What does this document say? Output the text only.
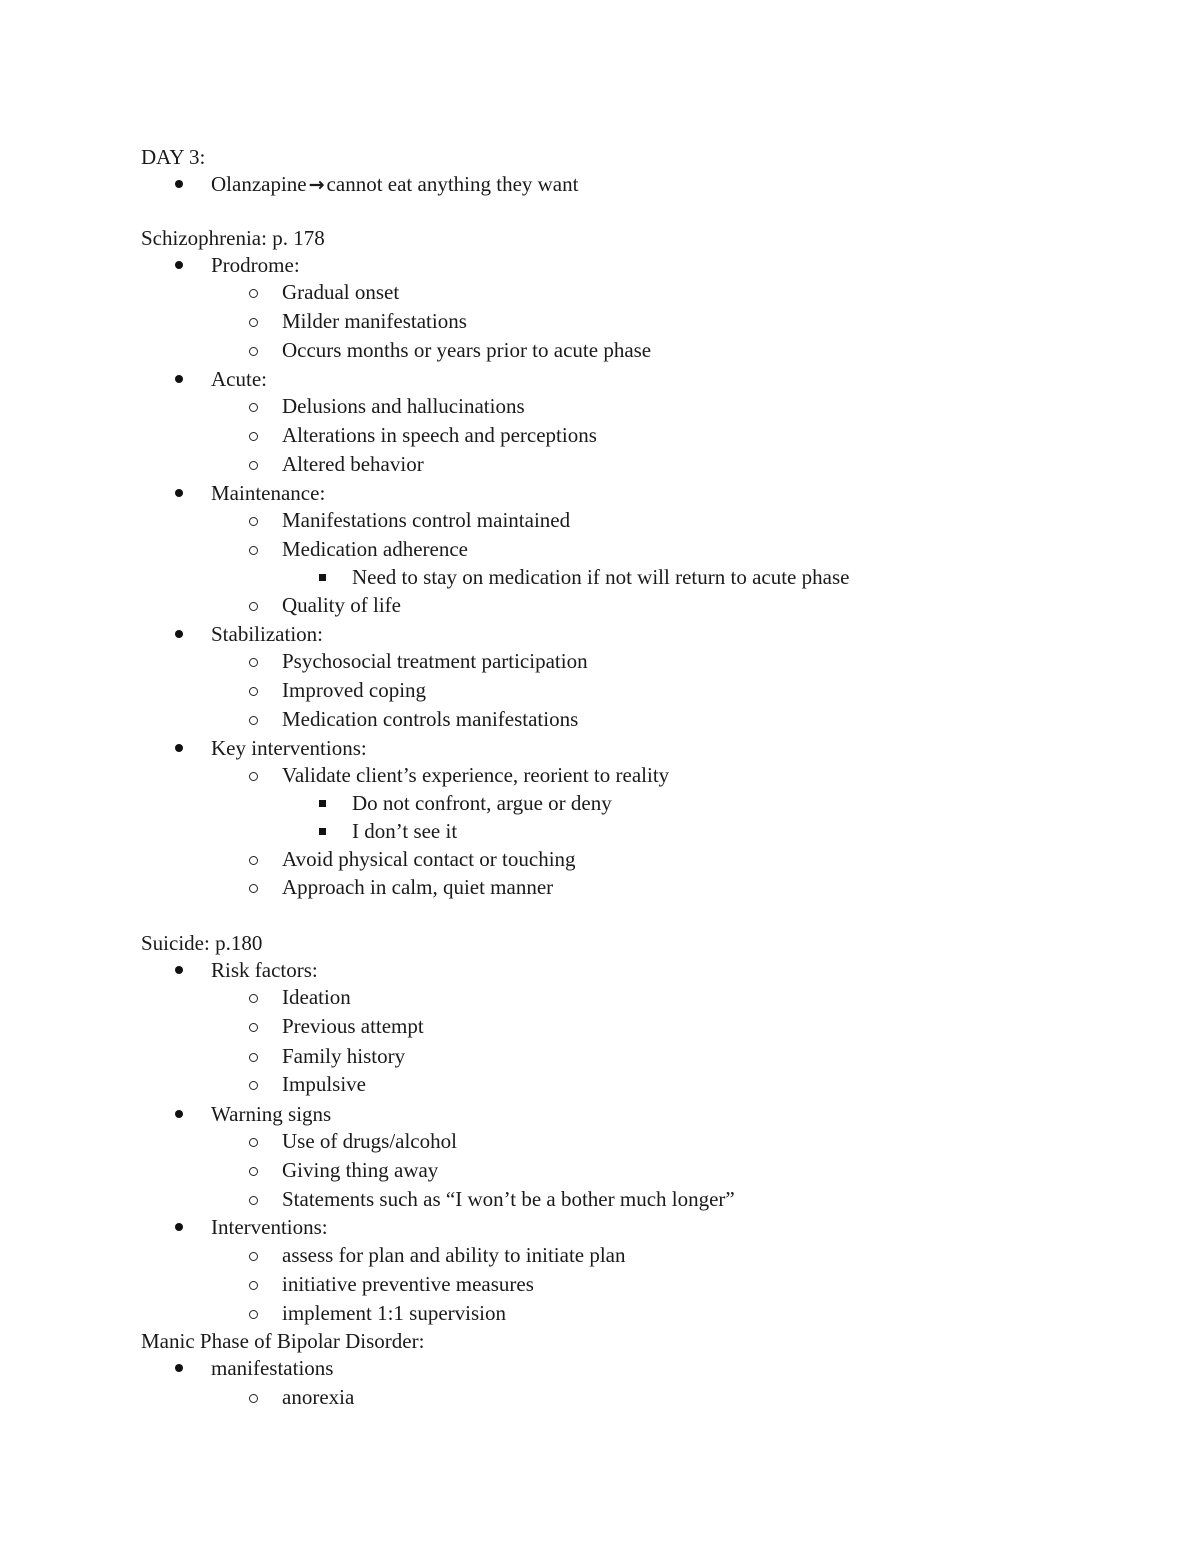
DAY 3:
Olanzapine →cannot eat anything they want
Schizophrenia: p. 178
Prodrome:
Gradual onset
Milder manifestations
Occurs months or years prior to acute phase
Acute:
Delusions and hallucinations
Alterations in speech and perceptions
Altered behavior
Maintenance:
Manifestations control maintained
Medication adherence
Need to stay on medication if not will return to acute phase
Quality of life
Stabilization:
Psychosocial treatment participation
Improved coping
Medication controls manifestations
Key interventions:
Validate client’s experience, reorient to reality
Do not confront, argue or deny
I don’t see it
Avoid physical contact or touching
Approach in calm, quiet manner
Suicide: p.180
Risk factors:
Ideation
Previous attempt
Family history
Impulsive
Warning signs
Use of drugs/alcohol
Giving thing away
Statements such as “I won’t be a bother much longer”
Interventions:
assess for plan and ability to initiate plan
initiative preventive measures
implement 1:1 supervision
Manic Phase of Bipolar Disorder:
manifestations
anorexia
